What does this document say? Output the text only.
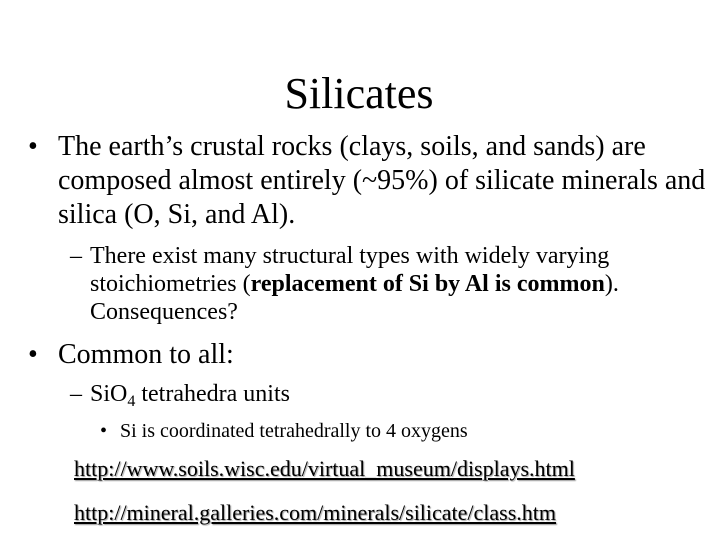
Silicates
• The earth’s crustal rocks (clays, soils, and sands) are composed almost entirely (~95%) of silicate minerals and silica (O, Si, and Al).
– There exist many structural types with widely varying stoichiometries (replacement of Si by Al is common). Consequences?
• Common to all:
– SiO$_4$ tetrahedra units
• Si is coordinated tetrahedrally to 4 oxygens
http://www.soils.wisc.edu/virtual_museum/displays.html
http://mineral.galleries.com/minerals/silicate/class.htm
